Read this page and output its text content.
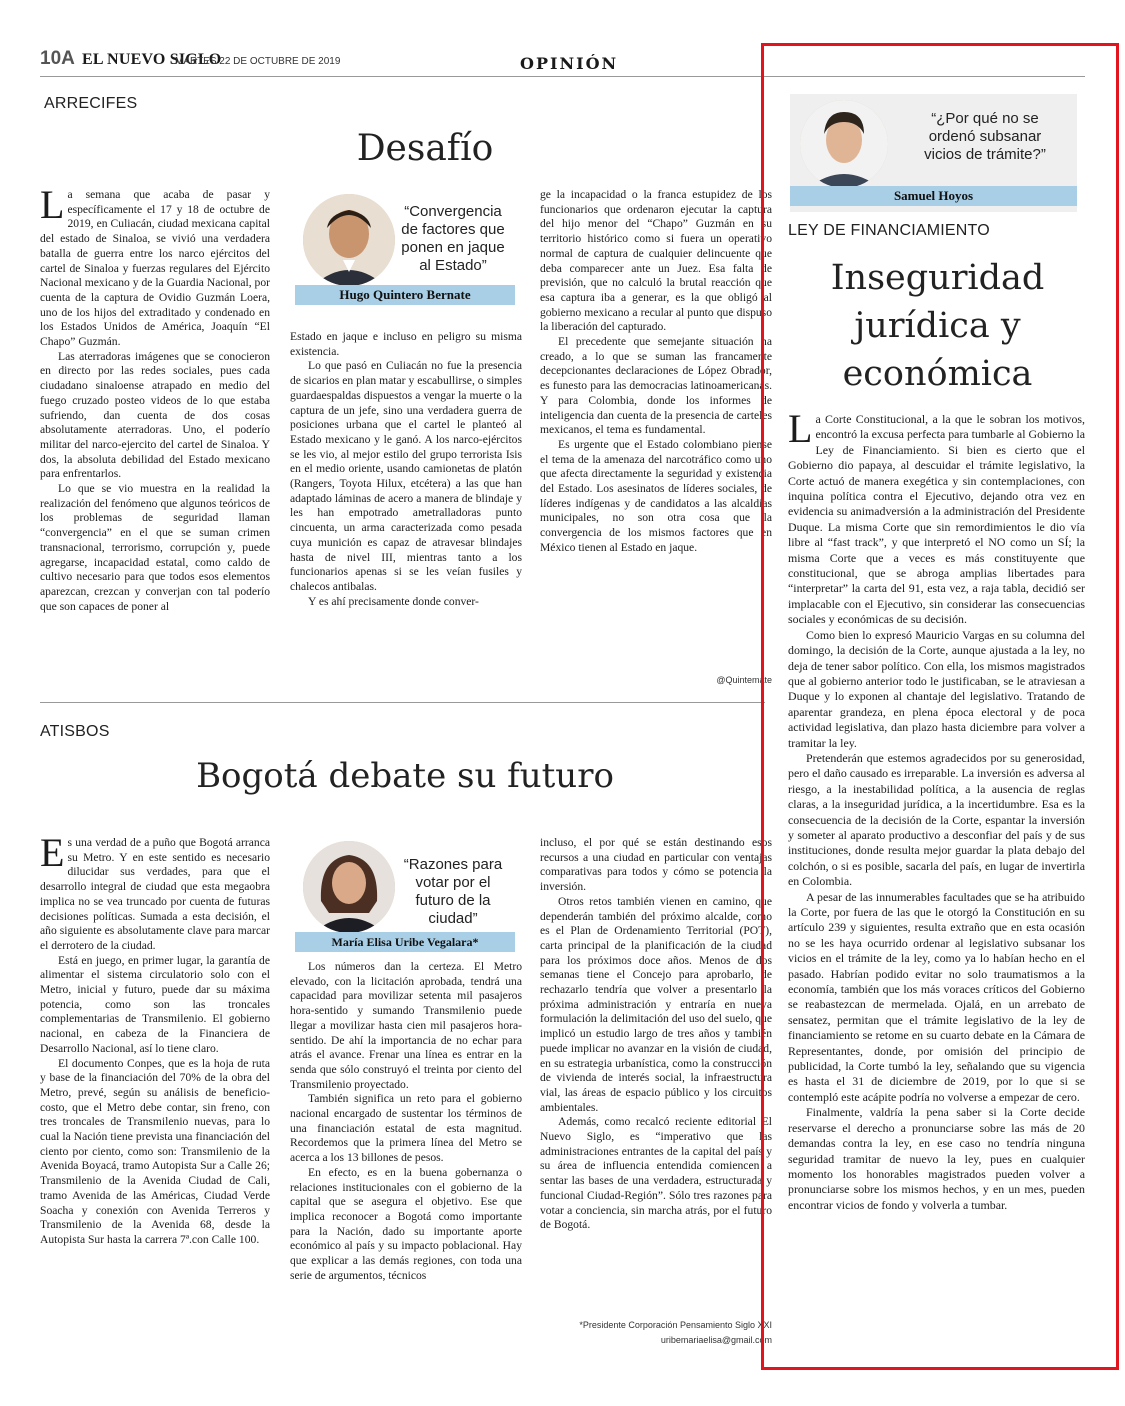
10A EL NUEVO SIGLO
MARTES 22 DE OCTUBRE DE 2019	OPINIÓN
ARRECIFES
Desafío

La semana que acaba de pasar y específicamente el 17 y 18 de octubre de 2019, en Culiacán, ciudad mexicana capital del estado de Sinaloa, se vivió una verdadera batalla de guerra entre los narco ejércitos del cartel de Sinaloa y fuerzas regulares del Ejército Nacional mexicano y de la Guardia Nacional, por cuenta de la captura de Ovidio Guzmán Loera, uno de los hijos del extraditado y condenado en los Estados Unidos de América, Joaquín “El Chapo” Guzmán.

Las aterradoras imágenes que se conocieron en directo por las redes sociales, pues cada ciudadano sinaloense atrapado en medio del fuego cruzado posteo videos de lo que estaba sufriendo, dan cuenta de dos cosas absolutamente aterradoras. Uno, el poderío militar del narco-ejercito del cartel de Sinaloa. Y dos, la absoluta debilidad del Estado mexicano para enfrentarlos.

Lo que se vio muestra en la realidad la realización del fenómeno que algunos teóricos de los problemas de seguridad llaman “convergencia” en el que se suman crimen transnacional, terrorismo, corrupción y, puede agregarse, incapacidad estatal, como caldo de cultivo necesario para que todos esos elementos aparezcan, crezcan y converjan con tal poderío que son capaces de poner al

“Convergencia de factores que ponen en jaque al Estado”
Hugo Quintero Bernate

Estado en jaque e incluso en peligro su misma existencia.

Lo que pasó en Culiacán no fue la presencia de sicarios en plan matar y escabullirse, o simples guardaespaldas dispuestos a vengar la muerte o la captura de un jefe, sino una verdadera guerra de posiciones urbana que el cartel le planteó al Estado mexicano y le ganó. A los narco-ejércitos se les vio, al mejor estilo del grupo terrorista Isis en el medio oriente, usando camionetas de platón (Rangers, Toyota Hilux, etcétera) a las que han adaptado láminas de acero a manera de blindaje y les han empotrado ametralladoras punto cincuenta, un arma caracterizada como pesada cuya munición es capaz de atravesar blindajes hasta de nivel III, mientras tanto a los funcionarios apenas si se les veían fusiles y chalecos antibalas.

Y es ahí precisamente donde conver-

ge la incapacidad o la franca estupidez de los funcionarios que ordenaron ejecutar la captura del hijo menor del “Chapo” Guzmán en su territorio histórico como si fuera un operativo normal de captura de cualquier delincuente que deba comparecer ante un Juez. Esa falta de previsión, que no calculó la brutal reacción que esa captura iba a generar, es la que obligó al gobierno mexicano a recular al punto que dispuso la liberación del capturado.

El precedente que semejante situación ha creado, a lo que se suman las francamente decepcionantes declaraciones de López Obrador, es funesto para las democracias latinoamericanas. Y para Colombia, donde los informes de inteligencia dan cuenta de la presencia de carteles mexicanos, el tema es fundamental.

Es urgente que el Estado colombiano piense el tema de la amenaza del narcotráfico como uno que afecta directamente la seguridad y existencia del Estado. Los asesinatos de líderes sociales, de líderes indígenas y de candidatos a las alcaldías municipales, no son otra cosa que la convergencia de los mismos factores que en México tienen al Estado en jaque.

@Quintemate
ATISBOS
Bogotá debate su futuro

Es una verdad de a puño que Bogotá arranca su Metro. Y en este sentido es necesario dilucidar sus verdades, para que el desarrollo integral de ciudad que esta megaobra implica no se vea truncado por cuenta de futuras decisiones políticas. Sumada a esta decisión, el año siguiente es absolutamente clave para marcar el derrotero de la ciudad.

Está en juego, en primer lugar, la garantía de alimentar el sistema circulatorio solo con el Metro, inicial y futuro, puede dar su máxima potencia, como son las troncales complementarias de Transmilenio. El gobierno nacional, en cabeza de la Financiera de Desarrollo Nacional, así lo tiene claro.

El documento Conpes, que es la hoja de ruta y base de la financiación del 70% de la obra del Metro, prevé, según su análisis de beneficio-costo, que el Metro debe contar, sin freno, con tres troncales de Transmilenio nuevas, para lo cual la Nación tiene prevista una financiación del ciento por ciento, como son: Transmilenio de la Avenida Boyacá, tramo Autopista Sur a Calle 26; Transmilenio de la Avenida Ciudad de Cali, tramo Avenida de las Américas, Ciudad Verde Soacha y conexión con Avenida Terreros y Transmilenio de la Avenida 68, desde la Autopista Sur hasta la carrera 7ª.con Calle 100.

“Razones para votar por el futuro de la ciudad”
María Elisa Uribe Vegalara*

Los números dan la certeza. El Metro elevado, con la licitación aprobada, tendrá una capacidad para movilizar setenta mil pasajeros hora-sentido y sumando Transmilenio puede llegar a movilizar hasta cien mil pasajeros hora-sentido. De ahí la importancia de no echar para atrás el avance. Frenar una línea es entrar en la senda que sólo construyó el treinta por ciento del Transmilenio proyectado.

También significa un reto para el gobierno nacional encargado de sustentar los términos de una financiación estatal de esta magnitud. Recordemos que la primera línea del Metro se acerca a los 13 billones de pesos.

En efecto, es en la buena gobernanza o relaciones institucionales con el gobierno de la capital que se asegura el objetivo. Ese que implica reconocer a Bogotá como importante para la Nación, dado su importante aporte económico al país y su impacto poblacional. Hay que explicar a las demás regiones, con toda una serie de argumentos, técnicos

incluso, el por qué se están destinando esos recursos a una ciudad en particular con ventajas comparativas para todos y cómo se potencia la inversión.

Otros retos también vienen en camino, que dependerán también del próximo alcalde, como es el Plan de Ordenamiento Territorial (POT), carta principal de la planificación de la ciudad para los próximos doce años. Menos de dos semanas tiene el Concejo para aprobarlo, de rechazarlo tendría que volver a presentarlo la próxima administración y entraría en nueva formulación la delimitación del uso del suelo, que implicó un estudio largo de tres años y también puede implicar no avanzar en la visión de ciudad, en su estrategia urbanística, como la construcción de vivienda de interés social, la infraestructura vial, las áreas de espacio público y los circuitos ambientales.

Además, como recalcó reciente editorial El Nuevo Siglo, es “imperativo que las administraciones entrantes de la capital del país y su área de influencia entendida comiencen a sentar las bases de una verdadera, estructurada y funcional Ciudad-Región”. Sólo tres razones para votar a conciencia, sin marcha atrás, por el futuro de Bogotá.

*Presidente Corporación Pensamiento Siglo XXI
uribemariaelisa@gmail.com
“¿Por qué no se ordenó subsanar vicios de trámite?”
Samuel Hoyos
LEY DE FINANCIAMIENTO
Inseguridad
jurídica y
económica

La Corte Constitucional, a la que le sobran los motivos, encontró la excusa perfecta para tumbarle al Gobierno la Ley de Financiamiento. Si bien es cierto que el Gobierno dio papaya, al descuidar el trámite legislativo, la Corte actuó de manera exegética y sin contemplaciones, con inquina política contra el Ejecutivo, dejando otra vez en evidencia su animadversión a la administración del Presidente Duque. La misma Corte que sin remordimientos le dio vía libre al “fast track”, y que interpretó el NO como un SÍ; la misma Corte que a veces es más constituyente que constitucional, que se abroga amplias libertades para “interpretar” la carta del 91, esta vez, a raja tabla, decidió ser implacable con el Ejecutivo, sin considerar las consecuencias sociales y económicas de su decisión.

Como bien lo expresó Mauricio Vargas en su columna del domingo, la decisión de la Corte, aunque ajustada a la ley, no deja de tener sabor político. Con ella, los mismos magistrados que al gobierno anterior todo le justificaban, se le atraviesan a Duque y lo exponen al chantaje del legislativo. Tratando de aparentar grandeza, en plena época electoral y de poca actividad legislativa, dan plazo hasta diciembre para volver a tramitar la ley.

Pretenderán que estemos agradecidos por su generosidad, pero el daño causado es irreparable. La inversión es adversa al riesgo, a la inestabilidad política, a la ausencia de reglas claras, a la inseguridad jurídica, a la incertidumbre. Esa es la consecuencia de la decisión de la Corte, espantar la inversión y someter al aparato productivo a desconfiar del país y de sus instituciones, donde resulta mejor guardar la plata debajo del colchón, o si es posible, sacarla del país, en lugar de invertirla en Colombia.

A pesar de las innumerables facultades que se ha atribuido la Corte, por fuera de las que le otorgó la Constitución en su artículo 239 y siguientes, resulta extraño que en esta ocasión no se les haya ocurrido ordenar al legislativo subsanar los vicios en el trámite de la ley, como ya lo habían hecho en el pasado. Habrían podido evitar no solo traumatismos a la economía, también que los más voraces críticos del Gobierno se reabastezcan de mermelada. Ojalá, en un arrebato de sensatez, permitan que el trámite legislativo de la ley de financiamiento se retome en su cuarto debate en la Cámara de Representantes, donde, por omisión del principio de publicidad, la Corte tumbó la ley, señalando que su vigencia es hasta el 31 de diciembre de 2019, por lo que si se contempló este acápite podría no volverse a empezar de cero.

Finalmente, valdría la pena saber si la Corte decide reservarse el derecho a pronunciarse sobre las más de 20 demandas contra la ley, en ese caso no tendría ninguna seguridad tramitar de nuevo la ley, pues en cualquier momento los honorables magistrados pueden volver a pronunciarse sobre los mismos hechos, y en un mes, pueden encontrar vicios de fondo y volverla a tumbar.
